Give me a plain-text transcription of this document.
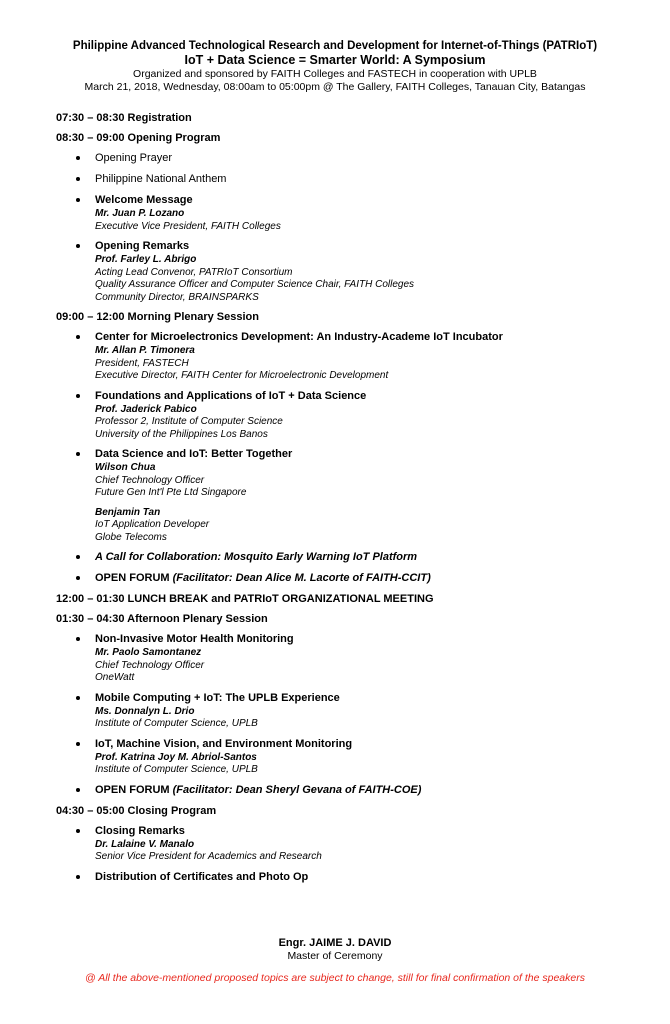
Philippine Advanced Technological Research and Development for Internet-of-Things (PATRIoT)
IoT + Data Science = Smarter World: A Symposium
Organized and sponsored by FAITH Colleges and FASTECH in cooperation with UPLB
March 21, 2018, Wednesday, 08:00am to 05:00pm @ The Gallery, FAITH Colleges, Tanauan City, Batangas
07:30 – 08:30 Registration
08:30 – 09:00 Opening Program
Opening Prayer
Philippine National Anthem
Welcome Message
Mr. Juan P. Lozano
Executive Vice President, FAITH Colleges
Opening Remarks
Prof. Farley L. Abrigo
Acting Lead Convenor, PATRIoT Consortium
Quality Assurance Officer and Computer Science Chair, FAITH Colleges
Community Director, BRAINSPARKS
09:00 – 12:00 Morning Plenary Session
Center for Microelectronics Development: An Industry-Academe IoT Incubator
Mr. Allan P. Timonera
President, FASTECH
Executive Director, FAITH Center for Microelectronic Development
Foundations and Applications of IoT + Data Science
Prof. Jaderick Pabico
Professor 2, Institute of Computer Science
University of the Philippines Los Banos
Data Science and IoT: Better Together
Wilson Chua
Chief Technology Officer
Future Gen Int'l Pte Ltd Singapore
Benjamin Tan
IoT Application Developer
Globe Telecoms
A Call for Collaboration: Mosquito Early Warning IoT Platform
OPEN FORUM (Facilitator: Dean Alice M. Lacorte of FAITH-CCIT)
12:00 – 01:30 LUNCH BREAK and PATRIoT ORGANIZATIONAL MEETING
01:30 – 04:30 Afternoon Plenary Session
Non-Invasive Motor Health Monitoring
Mr. Paolo Samontanez
Chief Technology Officer
OneWatt
Mobile Computing + IoT: The UPLB Experience
Ms. Donnalyn L. Drio
Institute of Computer Science, UPLB
IoT, Machine Vision, and Environment Monitoring
Prof. Katrina Joy M. Abriol-Santos
Institute of Computer Science, UPLB
OPEN FORUM (Facilitator: Dean Sheryl Gevana of FAITH-COE)
04:30 – 05:00 Closing Program
Closing Remarks
Dr. Lalaine V. Manalo
Senior Vice President for Academics and Research
Distribution of Certificates and Photo Op
Engr. JAIME J. DAVID
Master of Ceremony
@ All the above-mentioned proposed topics are subject to change, still for final confirmation of the speakers
